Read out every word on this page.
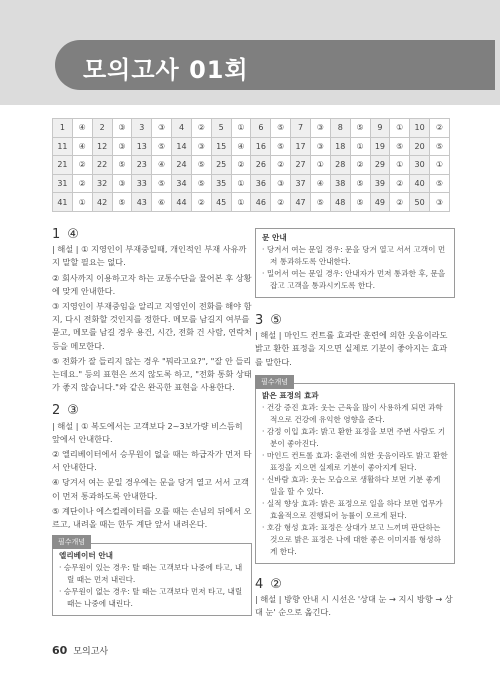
모의고사 01회
1	④	2	③	3	③	4	②	5	①	6	⑤	7	③	8	⑤	9	①	10	②
11	④	12	③	13	⑤	14	③	15	④	16	⑤	17	③	18	①	19	⑤	20	⑤
21	②	22	⑤	23	④	24	⑤	25	②	26	②	27	①	28	②	29	①	30	①
31	②	32	③	33	⑤	34	⑤	35	①	36	③	37	④	38	⑤	39	②	40	⑤
41	①	42	⑤	43	⑥	44	②	45	①	46	②	47	⑤	48	⑤	49	②	50	③
1 ④
| 해설 | ① 지영인이 부재중일때, 개인적인 부재 사유까지 말할 필요는 없다.
② 회사까지 이용하고자 하는 교통수단을 물어본 후 상황에 맞게 안내한다.
③ 지영인이 부재중임을 알리고 지영인이 전화를 해야 함지, 다시 전화할 것인지를 정한다. 메모를 남길지 여부를 묻고, 메모를 남길 경우 용건, 시간, 전화 건 사람, 연락처 등을 메모한다.
⑤ 전화가 잘 들리지 않는 경우 "뭐라고요?", "잘 안 들리는데요." 등의 표현은 쓰지 않도록 하고, "전화 통화 상태가 좋지 않습니다."와 같은 완곡한 표현을 사용한다.
2 ③
| 해설 | ① 복도에서는 고객보다 2~3보가량 비스듬히 앞에서 안내한다.
② 엘리베이터에서 승무원이 없을 때는 하급자가 먼저 타서 안내한다.
④ 당겨서 여는 문일 경우에는 문을 당겨 열고 서서 고객이 먼저 통과하도록 안내한다.
⑤ 계단이나 에스컬레이터를 오를 때는 손님의 뒤에서 오르고, 내려올 때는 한두 계단 앞서 내려온다.
필수개념
엘리베이터 안내
· 승무원이 있는 경우: 탈 때는 고객보다 나중에 타고, 내릴 때는 먼저 내린다.
· 승무원이 없는 경우: 탈 때는 고객보다 먼저 타고, 내릴 때는 나중에 내린다.
문 안내
· 당겨서 여는 문일 경우: 문을 당겨 열고 서서 고객이 먼저 통과하도록 안내한다.
· 밀어서 여는 문일 경우: 안내자가 먼저 통과한 후, 문을 잡고 고객을 통과시키도록 한다.
3 ⑤
| 해설 | 마인드 컨트롤 효과란 훈련에 의한 웃음이라도 밝고 환한 표정을 지으면 실제로 기분이 좋아지는 효과를 말한다.
필수개념
밝은 표정의 효과
· 건강 증진 효과: 웃는 근육을 많이 사용하게 되면 과학적으로 건강에 유익한 영향을 준다.
· 감정 이입 효과: 밝고 환한 표정을 보면 주변 사람도 기분이 좋아진다.
· 마인드 컨트롤 효과: 훈련에 의한 웃음이라도 밝고 환한 표정을 지으면 실제로 기분이 좋아지게 된다.
· 신바람 효과: 웃는 모습으로 생활하다 보면 기분 좋게 일을 할 수 있다.
· 실적 향상 효과: 밝은 표정으로 일을 하다 보면 업무가 효율적으로 진행되어 능률이 오르게 된다.
· 호감 형성 효과: 표정은 상대가 보고 느끼며 판단하는 것으로 밝은 표정은 나에 대한 좋은 이미지를 형성하게 한다.
4 ②
| 해설 | 방향 안내 시 시선은 '상대 눈 → 지시 방향 → 상대 눈' 순으로 옮긴다.
60 모의고사
